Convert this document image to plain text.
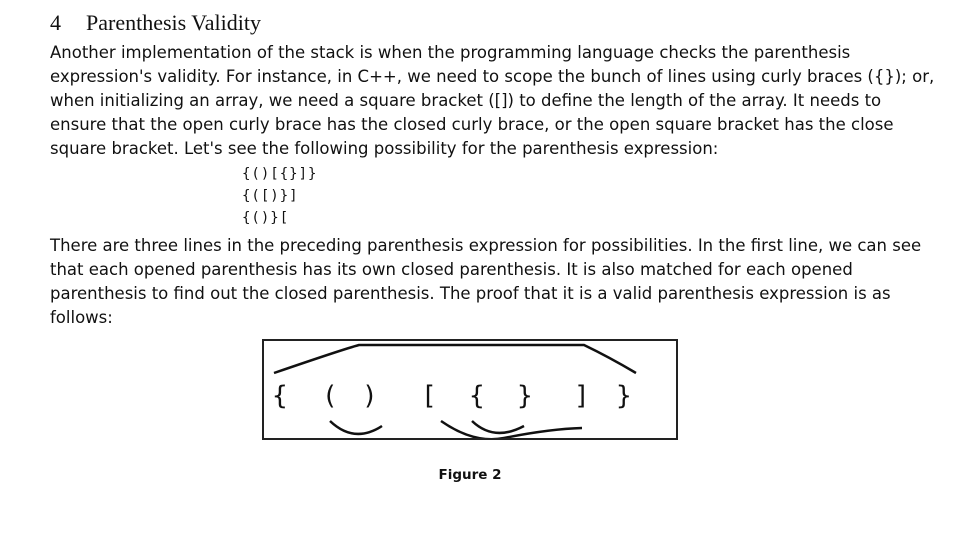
4 Parenthesis Validity
Another implementation of the stack is when the programming language checks the parenthesis
expression's validity. For instance, in C++, we need to scope the bunch of lines using curly braces ({}); or,
when initializing an array, we need a square bracket ([]) to define the length of the array. It needs to
ensure that the open curly brace has the closed curly brace, or the open square bracket has the close
square bracket. Let's see the following possibility for the parenthesis expression:
{()[{}]}
{([)}]
{()}[
There are three lines in the preceding parenthesis expression for possibilities. In the first line, we can see
that each opened parenthesis has its own closed parenthesis. It is also matched for each opened
parenthesis to find out the closed parenthesis. The proof that it is a valid parenthesis expression is as
follows:
{ ( ) [ { } ] }
Figure 2
